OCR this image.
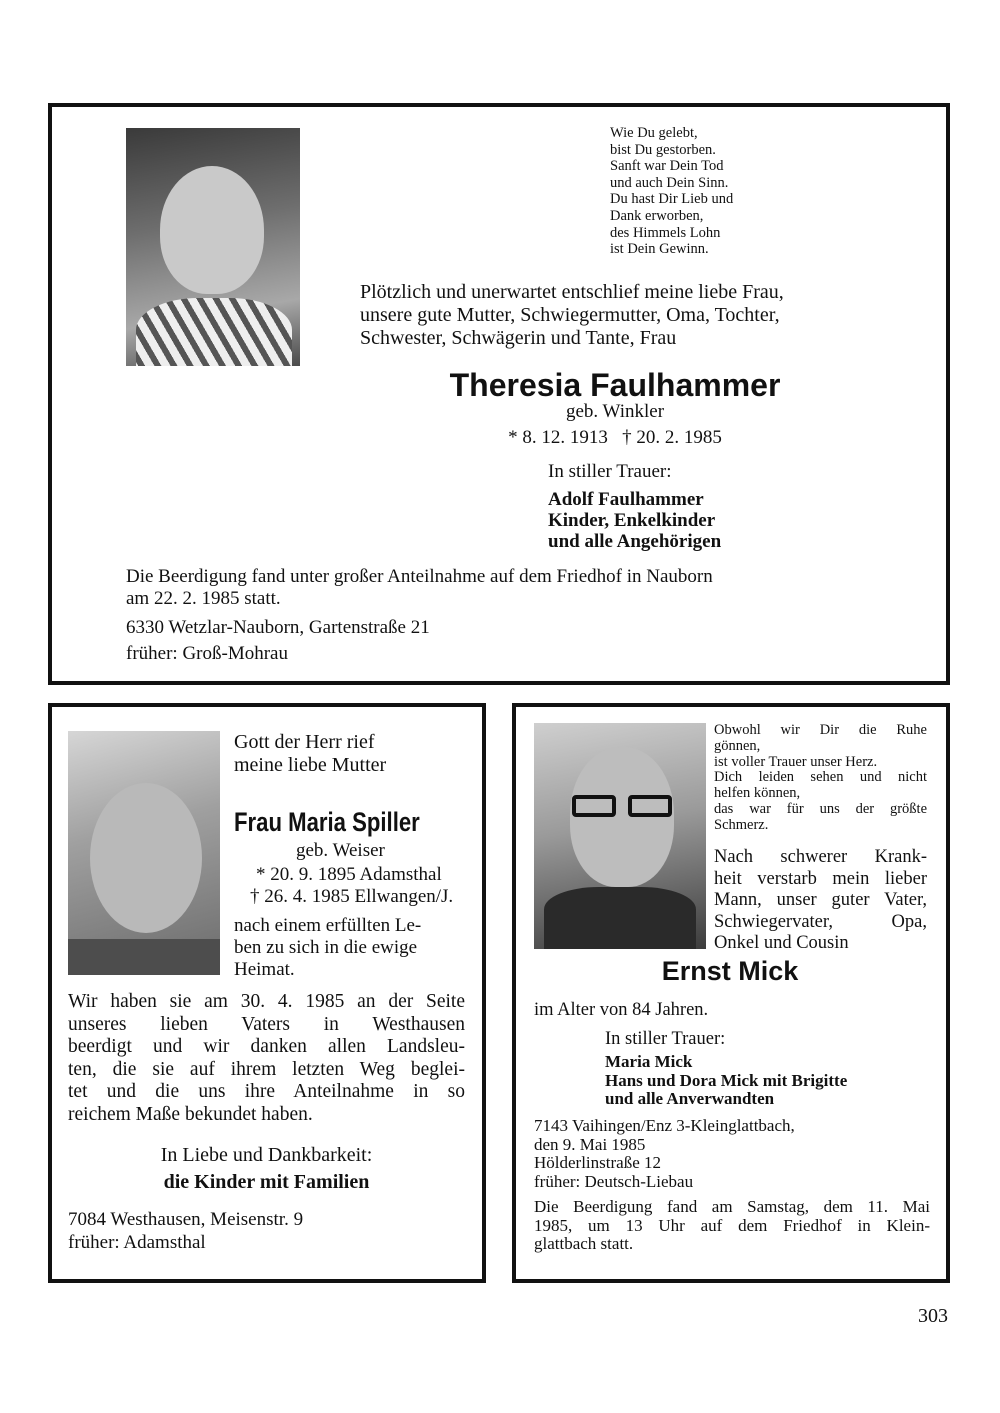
Wie Du gelebt,
bist Du gestorben.
Sanft war Dein Tod
und auch Dein Sinn.
Du hast Dir Lieb und
Dank erworben,
des Himmels Lohn
ist Dein Gewinn.
Plötzlich und unerwartet entschlief meine liebe Frau,
unsere gute Mutter, Schwiegermutter, Oma, Tochter,
Schwester, Schwägerin und Tante, Frau
Theresia Faulhammer
geb. Winkler
* 8. 12. 1913   † 20. 2. 1985
In stiller Trauer:
Adolf Faulhammer
Kinder, Enkelkinder
und alle Angehörigen
Die Beerdigung fand unter großer Anteilnahme auf dem Friedhof in Nauborn
am 22. 2. 1985 statt.
6330 Wetzlar-Nauborn, Gartenstraße 21
früher: Groß-Mohrau
Gott der Herr rief
meine liebe Mutter
Frau Maria Spiller
geb. Weiser
* 20. 9. 1895 Adamsthal
† 26. 4. 1985 Ellwangen/J.
nach einem erfüllten Le-
ben zu sich in die ewige
Heimat.
Wir haben sie am 30. 4. 1985 an der Seite
unseres lieben Vaters in Westhausen
beerdigt und wir danken allen Landsleu-
ten, die sie auf ihrem letzten Weg beglei-
tet und die uns ihre Anteilnahme in so
reichem Maße bekundet haben.
In Liebe und Dankbarkeit:
die Kinder mit Familien
7084 Westhausen, Meisenstr. 9
früher: Adamsthal
Obwohl wir Dir die Ruhe
gönnen,
ist voller Trauer unser Herz.
Dich leiden sehen und nicht
helfen können,
das war für uns der größte
Schmerz.
Nach schwerer Krank-
heit verstarb mein lieber
Mann, unser guter Vater,
Schwiegervater, Opa,
Onkel und Cousin
Ernst Mick
im Alter von 84 Jahren.
In stiller Trauer:
Maria Mick
Hans und Dora Mick mit Brigitte
und alle Anverwandten
7143 Vaihingen/Enz 3-Kleinglattbach,
den 9. Mai 1985
Hölderlinstraße 12
früher: Deutsch-Liebau
Die Beerdigung fand am Samstag, dem 11. Mai
1985, um 13 Uhr auf dem Friedhof in Klein-
glattbach statt.
303
